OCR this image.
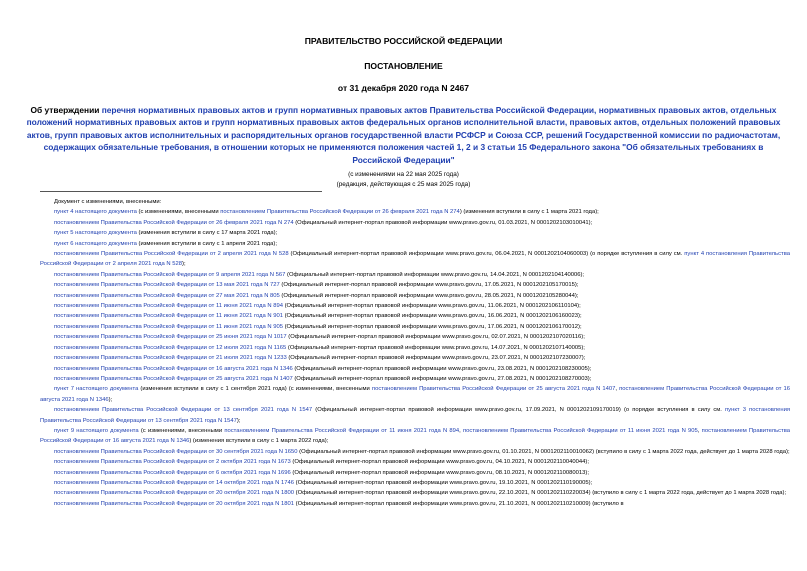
ПРАВИТЕЛЬСТВО РОССИЙСКОЙ ФЕДЕРАЦИИ
ПОСТАНОВЛЕНИЕ
от 31 декабря 2020 года N 2467
Об утверждении перечня нормативных правовых актов и групп нормативных правовых актов Правительства Российской Федерации, нормативных правовых актов, отдельных положений нормативных правовых актов и групп нормативных правовых актов федеральных органов исполнительной власти, правовых актов, отдельных положений правовых актов, групп правовых актов исполнительных и распорядительных органов государственной власти РСФСР и Союза ССР, решений Государственной комиссии по радиочастотам, содержащих обязательные требования, в отношении которых не применяются положения частей 1, 2 и 3 статьи 15 Федерального закона "Об обязательных требованиях в Российской Федерации"
(с изменениями на 22 мая 2025 года)
(редакция, действующая с 25 мая 2025 года)

Документ с изменениями, внесенными:

пункт 4 настоящего документа (с изменениями, внесенными постановлением Правительства Российской Федерации от 26 февраля 2021 года N 274) (изменения вступили в силу с 1 марта 2021 года);

постановлением Правительства Российской Федерации от 26 февраля 2021 года N 274 (Официальный интернет-портал правовой информации www.pravo.gov.ru, 01.03.2021, N 0001202103010041);

пункт 5 настоящего документа (изменения вступили в силу с 17 марта 2021 года);

пункт 6 настоящего документа (изменения вступили в силу с 1 апреля 2021 года);

постановлением Правительства Российской Федерации от 2 апреля 2021 года N 528 (Официальный интернет-портал правовой информации www.pravo.gov.ru, 06.04.2021, N 0001202104060003) (о порядке вступления в силу см. пункт 4 постановления Правительства Российской Федерации от 2 апреля 2021 года N 528);

постановлением Правительства Российской Федерации от 9 апреля 2021 года N 567 (Официальный интернет-портал правовой информации www.pravo.gov.ru, 14.04.2021, N 0001202104140006);

постановлением Правительства Российской Федерации от 13 мая 2021 года N 727 (Официальный интернет-портал правовой информации www.pravo.gov.ru, 17.05.2021, N 0001202105170015);

постановлением Правительства Российской Федерации от 27 мая 2021 года N 805 (Официальный интернет-портал правовой информации www.pravo.gov.ru, 28.05.2021, N 0001202105280044);

постановлением Правительства Российской Федерации от 11 июня 2021 года N 894 (Официальный интернет-портал правовой информации www.pravo.gov.ru, 11.06.2021, N 0001202106110104);

постановлением Правительства Российской Федерации от 11 июня 2021 года N 901 (Официальный интернет-портал правовой информации www.pravo.gov.ru, 16.06.2021, N 0001202106160023);

постановлением Правительства Российской Федерации от 11 июня 2021 года N 905 (Официальный интернет-портал правовой информации www.pravo.gov.ru, 17.06.2021, N 0001202106170012);

постановлением Правительства Российской Федерации от 25 июня 2021 года N 1017 (Официальный интернет-портал правовой информации www.pravo.gov.ru, 02.07.2021, N 0001202107020116);

постановлением Правительства Российской Федерации от 12 июля 2021 года N 1165 (Официальный интернет-портал правовой информации www.pravo.gov.ru, 14.07.2021, N 0001202107140005);

постановлением Правительства Российской Федерации от 21 июля 2021 года N 1233 (Официальный интернет-портал правовой информации www.pravo.gov.ru, 23.07.2021, N 0001202107230007);

постановлением Правительства Российской Федерации от 16 августа 2021 года N 1346 (Официальный интернет-портал правовой информации www.pravo.gov.ru, 23.08.2021, N 0001202108230005);

постановлением Правительства Российской Федерации от 25 августа 2021 года N 1407 (Официальный интернет-портал правовой информации www.pravo.gov.ru, 27.08.2021, N 0001202108270003);

пункт 7 настоящего документа (изменения вступили в силу с 1 сентября 2021 года) (с изменениями, внесенными постановлением Правительства Российской Федерации от 25 августа 2021 года N 1407, постановлением Правительства Российской Федерации от 16 августа 2021 года N 1346);

постановлением Правительства Российской Федерации от 13 сентября 2021 года N 1547 (Официальный интернет-портал правовой информации www.pravo.gov.ru, 17.09.2021, N 0001202109170019) (о порядке вступления в силу см. пункт 3 постановления Правительства Российской Федерации от 13 сентября 2021 года N 1547);

пункт 9 настоящего документа (с изменениями, внесенными постановлением Правительства Российской Федерации от 11 июня 2021 года N 894, постановлением Правительства Российской Федерации от 11 июня 2021 года N 905, постановлением Правительства Российской Федерации от 16 августа 2021 года N 1346) (изменения вступили в силу с 1 марта 2022 года);

постановлением Правительства Российской Федерации от 30 сентября 2021 года N 1650 (Официальный интернет-портал правовой информации www.pravo.gov.ru, 01.10.2021, N 0001202110010062) (вступило в силу с 1 марта 2022 года, действует до 1 марта 2028 года);

постановлением Правительства Российской Федерации от 2 октября 2021 года N 1673 (Официальный интернет-портал правовой информации www.pravo.gov.ru, 04.10.2021, N 0001202110040044);

постановлением Правительства Российской Федерации от 6 октября 2021 года N 1696 (Официальный интернет-портал правовой информации www.pravo.gov.ru, 08.10.2021, N 0001202110080013);

постановлением Правительства Российской Федерации от 14 октября 2021 года N 1746 (Официальный интернет-портал правовой информации www.pravo.gov.ru, 19.10.2021, N 0001202110190005);

постановлением Правительства Российской Федерации от 20 октября 2021 года N 1800 (Официальный интернет-портал правовой информации www.pravo.gov.ru, 22.10.2021, N 0001202110220034) (вступило в силу с 1 марта 2022 года, действует до 1 марта 2028 года);

постановлением Правительства Российской Федерации от 20 октября 2021 года N 1801 (Официальный интернет-портал правовой информации www.pravo.gov.ru, 21.10.2021, N 0001202110210009) (вступило в
